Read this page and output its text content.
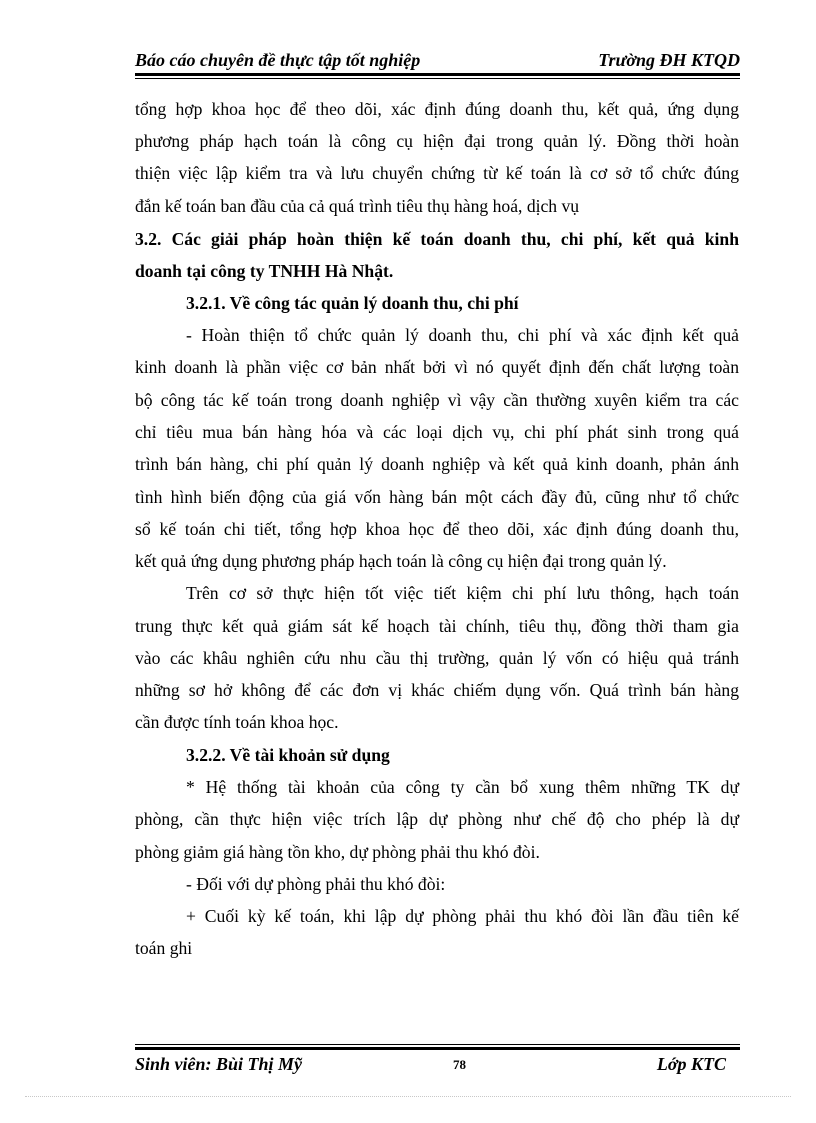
Báo cáo chuyên đề thực tập tốt nghiệp	Trường ĐH KTQD
tổng hợp khoa học để theo dõi, xác định đúng doanh thu, kết quả, ứng dụng
phương pháp hạch toán là công cụ hiện đại trong quản lý. Đồng thời hoàn
thiện việc lập kiểm tra và lưu chuyển chứng từ kế toán là cơ sở tổ chức đúng
đắn kế toán ban đầu của cả quá trình tiêu thụ hàng hoá, dịch vụ
3.2. Các giải pháp hoàn thiện kế toán doanh thu, chi phí, kết quả kinh
doanh tại công ty TNHH Hà Nhật.
3.2.1. Về công tác quản lý doanh thu, chi phí
- Hoàn thiện tổ chức quản lý doanh thu, chi phí và xác định kết quả
kinh doanh là phần việc cơ bản nhất bởi vì nó quyết định đến chất lượng toàn
bộ công tác kế toán trong doanh nghiệp vì vậy cần thường xuyên kiểm tra các
chỉ tiêu mua bán hàng hóa và các loại dịch vụ, chi phí phát sinh trong quá
trình bán hàng, chi phí quản lý doanh nghiệp và kết quả kinh doanh, phản ánh
tình hình biến động của giá vốn hàng bán một cách đầy đủ, cũng như tổ chức
sổ kế toán chi tiết, tổng hợp khoa học để theo dõi, xác định đúng doanh thu,
kết quả ứng dụng phương pháp hạch toán là công cụ hiện đại trong quản lý.
Trên cơ sở thực hiện tốt việc tiết kiệm chi phí lưu thông, hạch toán
trung thực kết quả giám sát kế hoạch tài chính, tiêu thụ, đồng thời tham gia
vào các khâu nghiên cứu nhu cầu thị trường, quản lý vốn có hiệu quả tránh
những sơ hở không để các đơn vị khác chiếm dụng vốn. Quá trình bán hàng
cần được tính toán khoa học.
3.2.2. Về tài khoản sử dụng
* Hệ thống tài khoản của công ty cần bổ xung thêm những TK dự
phòng, cần thực hiện việc trích lập dự phòng như chế độ cho phép là dự
phòng giảm giá hàng tồn kho, dự phòng phải thu khó đòi.
- Đối với dự phòng phải thu khó đòi:
+ Cuối kỳ kế toán, khi lập dự phòng phải thu khó đòi lần đầu tiên kế
toán ghi
Sinh viên: Bùi Thị Mỹ	78	Lớp KTC
